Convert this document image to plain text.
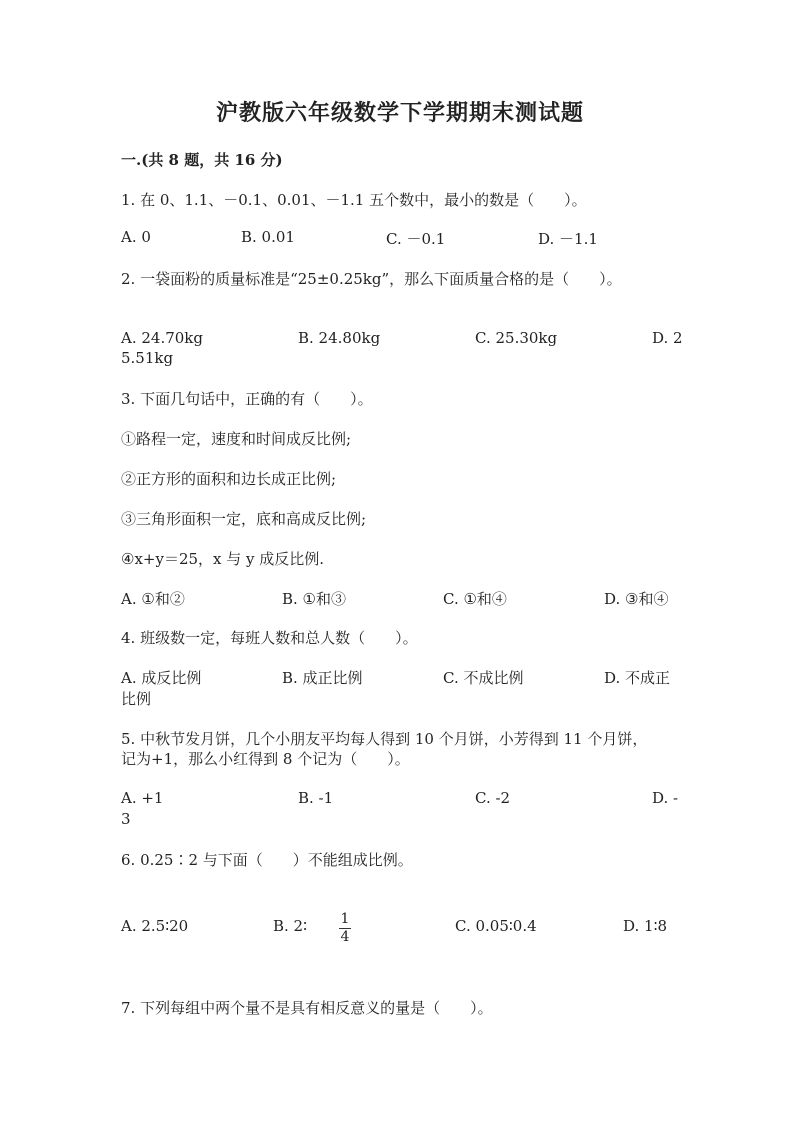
沪教版六年级数学下学期期末测试题
一.(共 8 题，共 16 分)
1. 在 0、1.1、－0.1、0.01、－1.1 五个数中，最小的数是（　　）。
A. 0	B. 0.01	C. －0.1	D. －1.1
2. 一袋面粉的质量标准是“25±0.25kg”，那么下面质量合格的是（　　）。
A. 24.70kg	B. 24.80kg	C. 25.30kg	D. 2
5.51kg
3. 下面几句话中，正确的有（　　）。
①路程一定，速度和时间成反比例;
②正方形的面积和边长成正比例;
③三角形面积一定，底和高成反比例;
④x+y＝25，x 与 y 成反比例.
A. ①和②	B. ①和③	C. ①和④	D. ③和④
4. 班级数一定，每班人数和总人数（　　）。
A. 成反比例	B. 成正比例	C. 不成比例	D. 不成正
比例
5. 中秋节发月饼，几个小朋友平均每人得到 10 个月饼，小芳得到 11 个月饼，
记为+1，那么小红得到 8 个记为（　　）。
A. +1	B. -1	C. -2	D. -
3
6. 0.25∶2 与下面（　　）不能组成比例。
A. 2.5∶20	B. 2∶ 1
4
C. 0.05∶0.4	D. 1∶8
7. 下列每组中两个量不是具有相反意义的量是（　　）。
